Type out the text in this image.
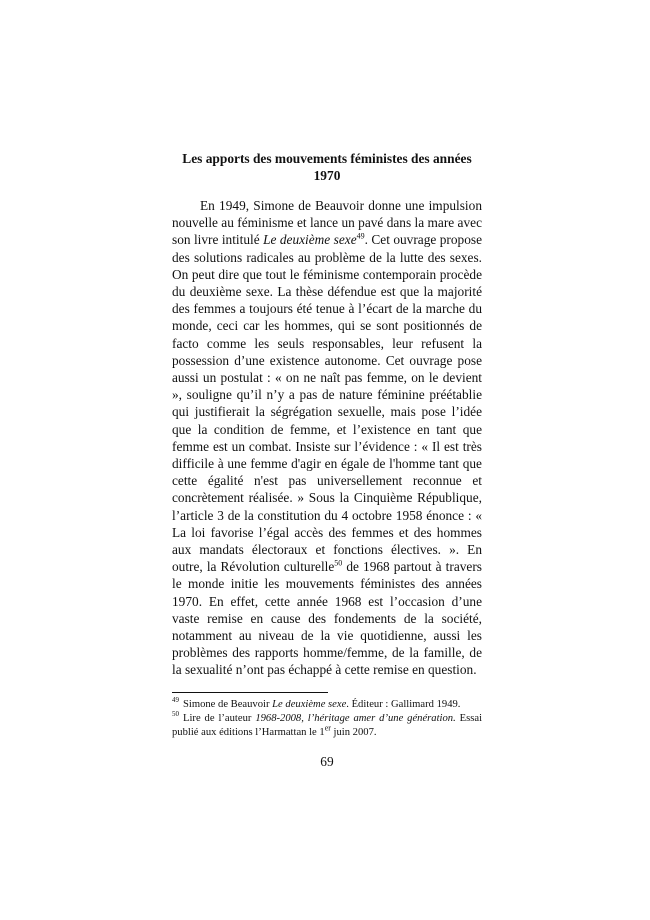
Les apports des mouvements féministes des années 1970

En 1949, Simone de Beauvoir donne une impulsion nouvelle au féminisme et lance un pavé dans la mare avec son livre intitulé Le deuxième sexe$^{49}$. Cet ouvrage propose des solutions radicales au problème de la lutte des sexes. On peut dire que tout le féminisme contemporain procède du deuxième sexe. La thèse défendue est que la majorité des femmes a toujours été tenue à l’écart de la marche du monde, ceci car les hommes, qui se sont positionnés de facto comme les seuls responsables, leur refusent la possession d’une existence autonome. Cet ouvrage pose aussi un postulat : « on ne naît pas femme, on le devient », souligne qu’il n’y a pas de nature féminine préétablie qui justifierait la ségrégation sexuelle, mais pose l’idée que la condition de femme, et l’existence en tant que femme est un combat. Insiste sur l’évidence : « Il est très difficile à une femme d'agir en égale de l'homme tant que cette égalité n'est pas universellement reconnue et concrètement réalisée. » Sous la Cinquième République, l’article 3 de la constitution du 4 octobre 1958 énonce : « La loi favorise l’égal accès des femmes et des hommes aux mandats électoraux et fonctions électives. ». En outre, la Révolution culturelle$^{50}$ de 1968 partout à travers le monde initie les mouvements féministes des années 1970. En effet, cette année 1968 est l’occasion d’une vaste remise en cause des fondements de la société, notamment au niveau de la vie quotidienne, aussi les problèmes des rapports homme/femme, de la famille, de la sexualité n’ont pas échappé à cette remise en question.

$^{49}$ Simone de Beauvoir Le deuxième sexe. Éditeur : Gallimard 1949.

$^{50}$ Lire de l’auteur 1968-2008, l’héritage amer d’une génération. Essai publié aux éditions l’Harmattan le 1er juin 2007.

69
